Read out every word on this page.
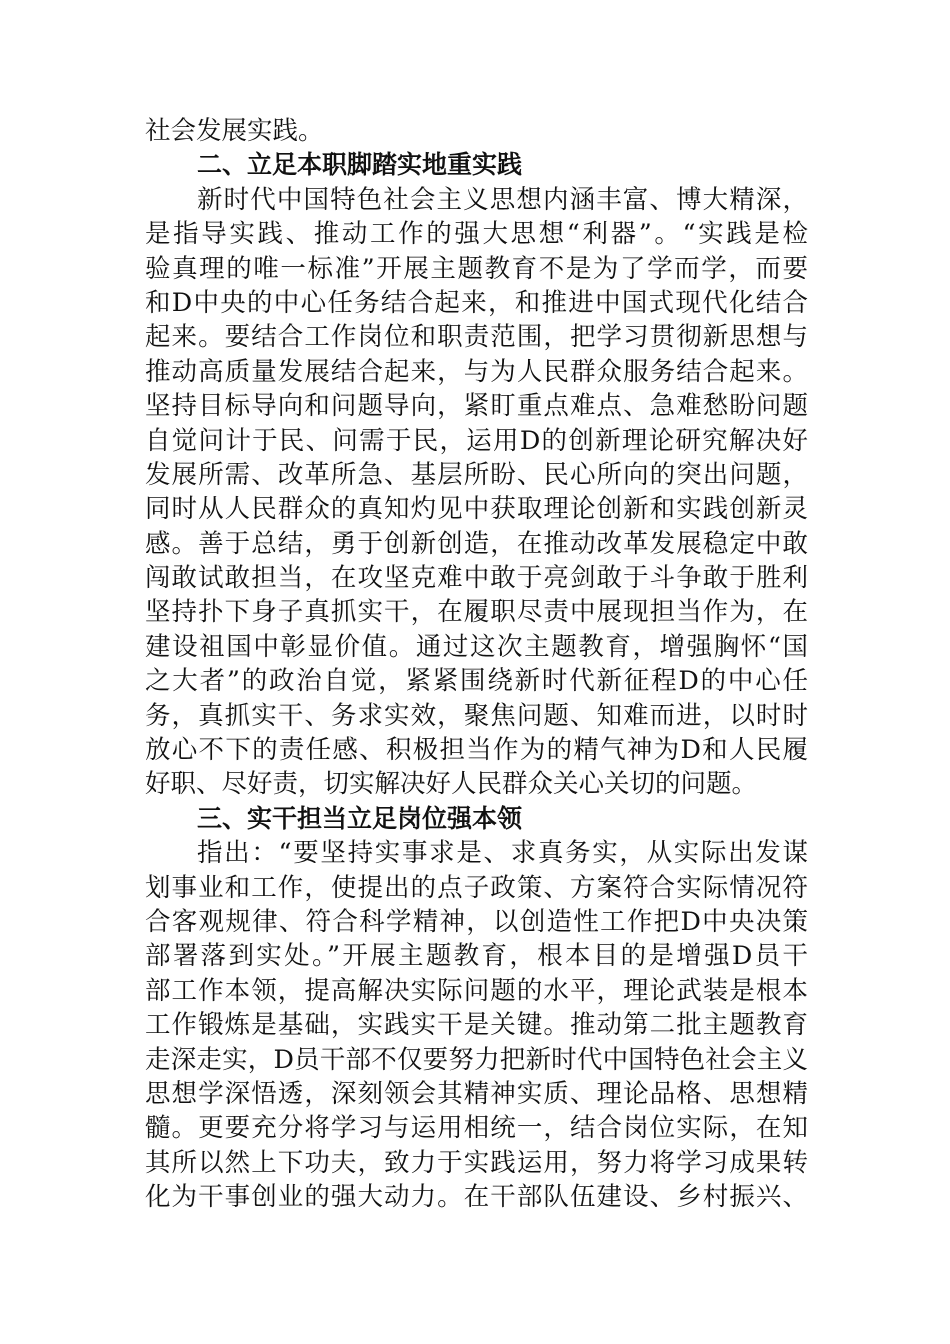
社会发展实践。
二、立足本职脚踏实地重实践
新时代中国特色社会主义思想内涵丰富、博大精深，
是指导实践、推动工作的强大思想“利器”。“实践是检
验真理的唯一标准”开展主题教育不是为了学而学，而要
和D中央的中心任务结合起来，和推进中国式现代化结合
起来。要结合工作岗位和职责范围，把学习贯彻新思想与
推动高质量发展结合起来，与为人民群众服务结合起来。
坚持目标导向和问题导向，紧盯重点难点、急难愁盼问题
自觉问计于民、问需于民，运用D的创新理论研究解决好
发展所需、改革所急、基层所盼、民心所向的突出问题，
同时从人民群众的真知灼见中获取理论创新和实践创新灵
感。善于总结，勇于创新创造，在推动改革发展稳定中敢
闯敢试敢担当，在攻坚克难中敢于亮剑敢于斗争敢于胜利
坚持扑下身子真抓实干，在履职尽责中展现担当作为，在
建设祖国中彰显价值。通过这次主题教育，增强胸怀“国
之大者”的政治自觉，紧紧围绕新时代新征程D的中心任
务，真抓实干、务求实效，聚焦问题、知难而进，以时时
放心不下的责任感、积极担当作为的精气神为D和人民履
好职、尽好责，切实解决好人民群众关心关切的问题。
三、实干担当立足岗位强本领
指出：“要坚持实事求是、求真务实，从实际出发谋
划事业和工作，使提出的点子政策、方案符合实际情况符
合客观规律、符合科学精神，以创造性工作把D中央决策
部署落到实处。”开展主题教育，根本目的是增强D员干
部工作本领，提高解决实际问题的水平，理论武装是根本
工作锻炼是基础，实践实干是关键。推动第二批主题教育
走深走实，D员干部不仅要努力把新时代中国特色社会主义
思想学深悟透，深刻领会其精神实质、理论品格、思想精
髓。更要充分将学习与运用相统一，结合岗位实际，在知
其所以然上下功夫，致力于实践运用，努力将学习成果转
化为干事创业的强大动力。在干部队伍建设、乡村振兴、
